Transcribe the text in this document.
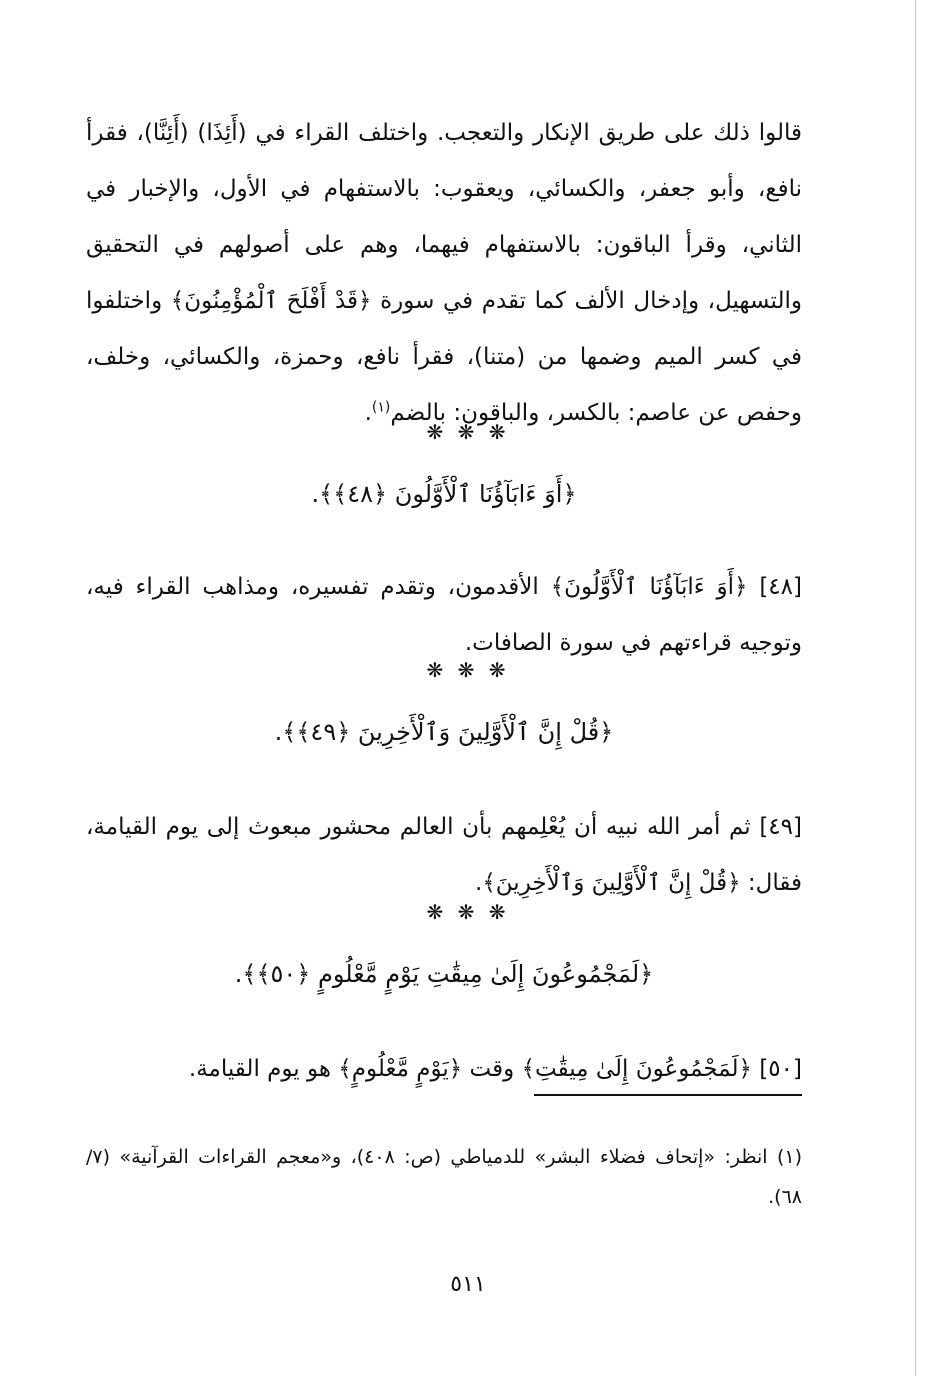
قالوا ذلك على طريق الإنكار والتعجب. واختلف القراء في (أَئِذَا) (أَئِنَّا)، فقرأ نافع، وأبو جعفر، والكسائي، ويعقوب: بالاستفهام في الأول، والإخبار في الثاني، وقرأ الباقون: بالاستفهام فيهما، وهم على أصولهم في التحقيق والتسهيل، وإدخال الألف كما تقدم في سورة ﴿قَدْ أَفْلَحَ ٱلْمُؤْمِنُونَ﴾ واختلفوا في كسر الميم وضمها من (متنا)، فقرأ نافع، وحمزة، والكسائي، وخلف، وحفص عن عاصم: بالكسر، والباقون: بالضم$^{(١)}$.

❋ ❋ ❋
﴿أَوَ ءَابَآؤُنَا ٱلْأَوَّلُونَ ﴿٤٨﴾﴾.

[٤٨] ﴿أَوَ ءَابَآؤُنَا ٱلْأَوَّلُونَ﴾ الأقدمون، وتقدم تفسيره، ومذاهب القراء فيه، وتوجيه قراءتهم في سورة الصافات.

❋ ❋ ❋
﴿قُلْ إِنَّ ٱلْأَوَّلِينَ وَٱلْأَخِرِينَ ﴿٤٩﴾﴾.

[٤٩] ثم أمر الله نبيه أن يُعْلِمهم بأن العالم محشور مبعوث إلى يوم القيامة، فقال: ﴿قُلْ إِنَّ ٱلْأَوَّلِينَ وَٱلْأَخِرِينَ﴾.

❋ ❋ ❋
﴿لَمَجْمُوعُونَ إِلَىٰ مِيقَٰتِ يَوْمٍ مَّعْلُومٍ ﴿٥٠﴾﴾.

[٥٠] ﴿لَمَجْمُوعُونَ إِلَىٰ مِيقَٰتِ﴾ وقت ﴿يَوْمٍ مَّعْلُومٍ﴾ هو يوم القيامة.

(١) انظر: «إتحاف فضلاء البشر» للدمياطي (ص: ٤٠٨)، و«معجم القراءات القرآنية» (٧/ ٦٨).

٥١١
